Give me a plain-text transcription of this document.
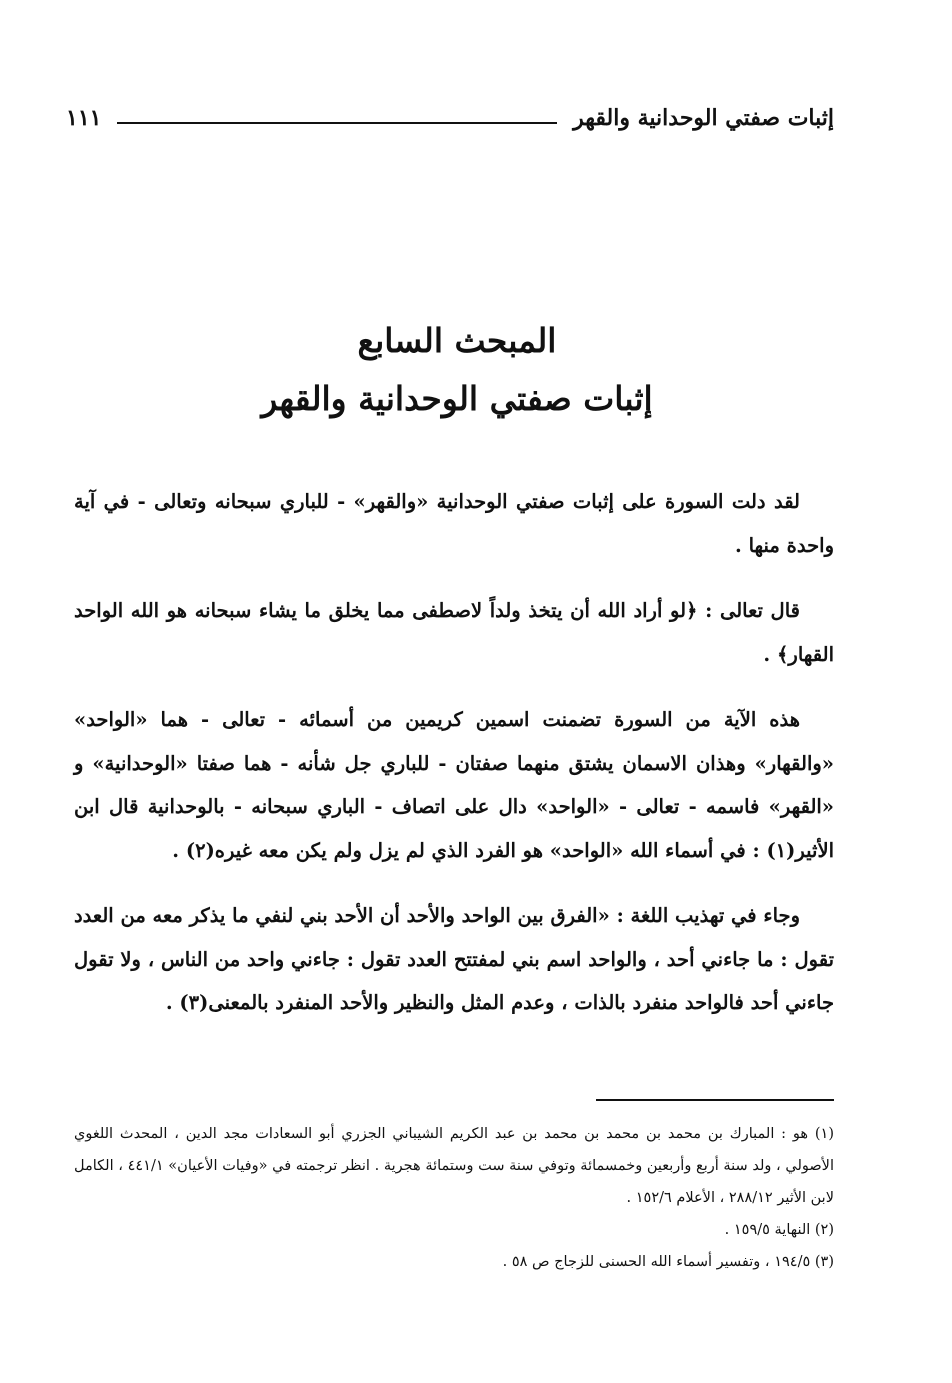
١١١	إثبات صفتي الوحدانية والقهر
المبحث السابع
إثبات صفتي الوحدانية والقهر

لقد دلت السورة على إثبات صفتي الوحدانية «والقهر» - للباري سبحانه وتعالى - في آية واحدة منها .

قال تعالى : ﴿لو أراد الله أن يتخذ ولداً لاصطفى مما يخلق ما يشاء سبحانه هو الله الواحد القهار﴾ .

هذه الآية من السورة تضمنت اسمين كريمين من أسمائه - تعالى - هما «الواحد» «والقهار» وهذان الاسمان يشتق منهما صفتان - للباري جل شأنه - هما صفتا «الوحدانية» و «القهر» فاسمه - تعالى - «الواحد» دال على اتصاف - الباري سبحانه - بالوحدانية قال ابن الأثير(١) : في أسماء الله «الواحد» هو الفرد الذي لم يزل ولم يكن معه غيره(٢) .

وجاء في تهذيب اللغة : «الفرق بين الواحد والأحد أن الأحد بني لنفي ما يذكر معه من العدد تقول : ما جاءني أحد ، والواحد اسم بني لمفتتح العدد تقول : جاءني واحد من الناس ، ولا تقول جاءني أحد فالواحد منفرد بالذات ، وعدم المثل والنظير والأحد المنفرد بالمعنى(٣) .

(١) هو : المبارك بن محمد بن محمد بن محمد بن عبد الكريم الشيباني الجزري أبو السعادات مجد الدين ، المحدث اللغوي الأصولي ، ولد سنة أربع وأربعين وخمسمائة وتوفي سنة ست وستمائة هجرية . انظر ترجمته في «وفيات الأعيان» ٤٤١/١ ، الكامل لابن الأثير ٢٨٨/١٢ ، الأعلام ١٥٢/٦ .

(٢) النهاية ١٥٩/٥ .

(٣) ١٩٤/٥ ، وتفسير أسماء الله الحسنى للزجاج ص ٥٨ .
